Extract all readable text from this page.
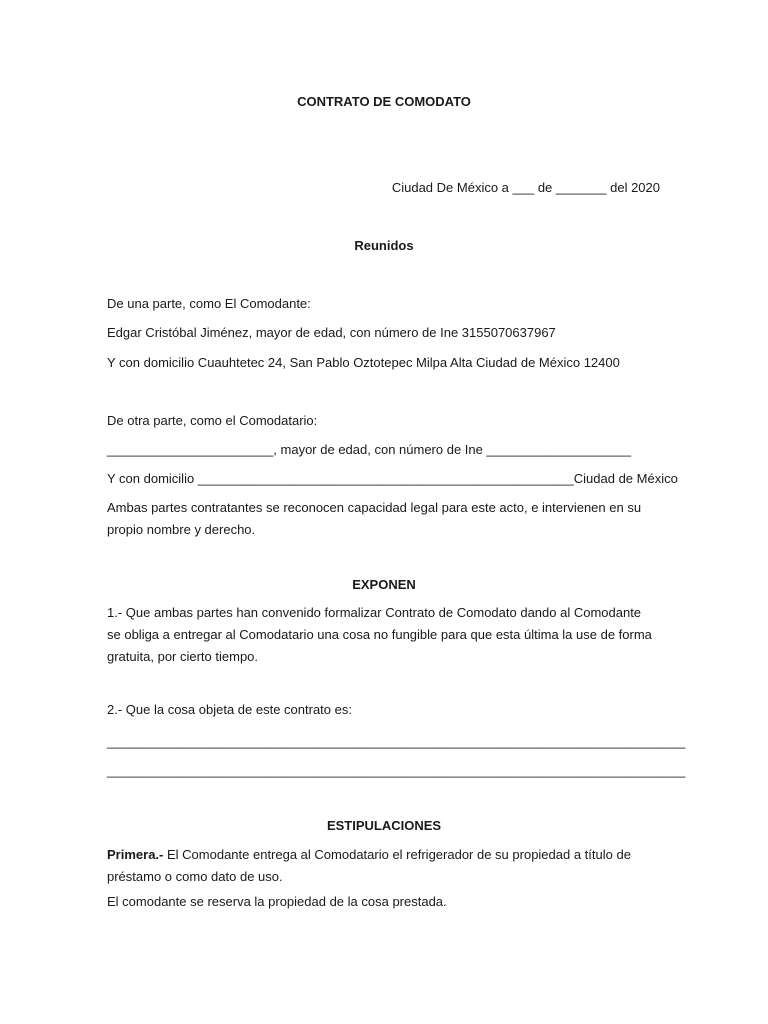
CONTRATO DE COMODATO
Ciudad De México a ___ de _______ del 2020
Reunidos
De una parte, como El Comodante:
Edgar Cristóbal Jiménez, mayor de edad, con número de Ine 3155070637967
Y con domicilio Cuauhtetec 24, San Pablo Oztotepec Milpa Alta Ciudad de México 12400
De otra parte, como el Comodatario:
_______________________, mayor de edad, con número de Ine ____________________
Y con domicilio ____________________________________________________Ciudad de México
Ambas partes contratantes se reconocen capacidad legal para este acto, e intervienen en su propio nombre y derecho.
EXPONEN
1.- Que ambas partes han convenido formalizar Contrato de Comodato dando al Comodante se obliga a entregar al Comodatario una cosa no fungible para que esta última la use de forma gratuita, por cierto tiempo.
2.- Que la cosa objeta de este contrato es:
________________________________________________________________________________
________________________________________________________________________________
ESTIPULACIONES
Primera.- El Comodante entrega al Comodatario el refrigerador de su propiedad a título de préstamo o como dato de uso.
El comodante se reserva la propiedad de la cosa prestada.
